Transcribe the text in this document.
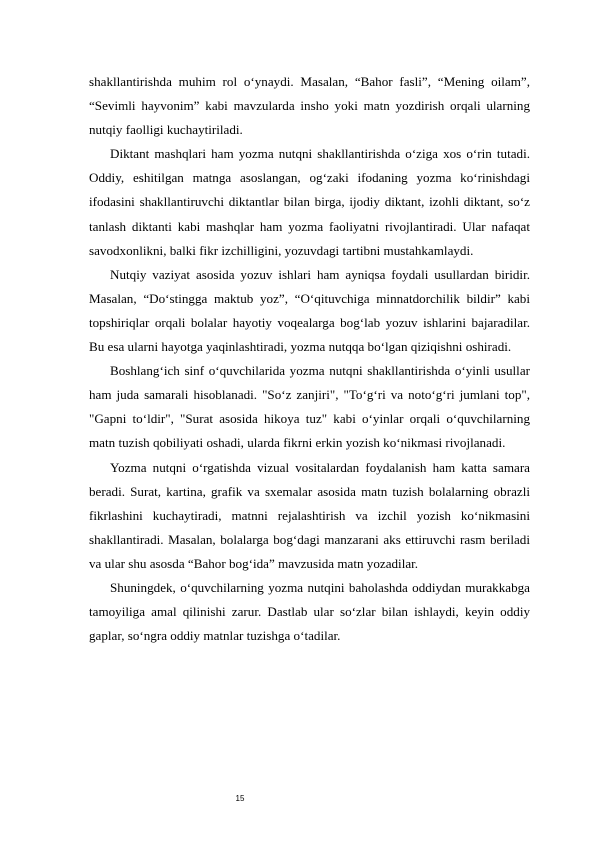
shakllantirishda muhim rol o‘ynaydi. Masalan, “Bahor fasli”, “Mening oilam”, “Sevimli hayvonim” kabi mavzularda insho yoki matn yozdirish orqali ularning nutqiy faolligi kuchaytiriladi.

Diktant mashqlari ham yozma nutqni shakllantirishda o‘ziga xos o‘rin tutadi. Oddiy, eshitilgan matnga asoslangan, og‘zaki ifodaning yozma ko‘rinishdagi ifodasini shakllantiruvchi diktantlar bilan birga, ijodiy diktant, izohli diktant, so‘z tanlash diktanti kabi mashqlar ham yozma faoliyatni rivojlantiradi. Ular nafaqat savodxonlikni, balki fikr izchilligini, yozuvdagi tartibni mustahkamlaydi.

Nutqiy vaziyat asosida yozuv ishlari ham ayniqsa foydali usullardan biridir. Masalan, “Do‘stingga maktub yoz”, “O‘qituvchiga minnatdorchilik bildir” kabi topshiriqlar orqali bolalar hayotiy voqealarga bog‘lab yozuv ishlarini bajaradilar. Bu esa ularni hayotga yaqinlashtiradi, yozma nutqqa bo‘lgan qiziqishni oshiradi.

Boshlang‘ich sinf o‘quvchilarida yozma nutqni shakllantirishda o‘yinli usullar ham juda samarali hisoblanadi. "So‘z zanjiri", "To‘g‘ri va noto‘g‘ri jumlani top", "Gapni to‘ldir", "Surat asosida hikoya tuz" kabi o‘yinlar orqali o‘quvchilarning matn tuzish qobiliyati oshadi, ularda fikrni erkin yozish ko‘nikmasi rivojlanadi.

Yozma nutqni o‘rgatishda vizual vositalardan foydalanish ham katta samara beradi. Surat, kartina, grafik va sxemalar asosida matn tuzish bolalarning obrazli fikrlashini kuchaytiradi, matnni rejalashtirish va izchil yozish ko‘nikmasini shakllantiradi. Masalan, bolalarga bog‘dagi manzarani aks ettiruvchi rasm beriladi va ular shu asosda “Bahor bog‘ida” mavzusida matn yozadilar.

Shuningdek, o‘quvchilarning yozma nutqini baholashda oddiydan murakkabga tamoyiliga amal qilinishi zarur. Dastlab ular so‘zlar bilan ishlaydi, keyin oddiy gaplar, so‘ngra oddiy matnlar tuzishga o‘tadilar.

15
